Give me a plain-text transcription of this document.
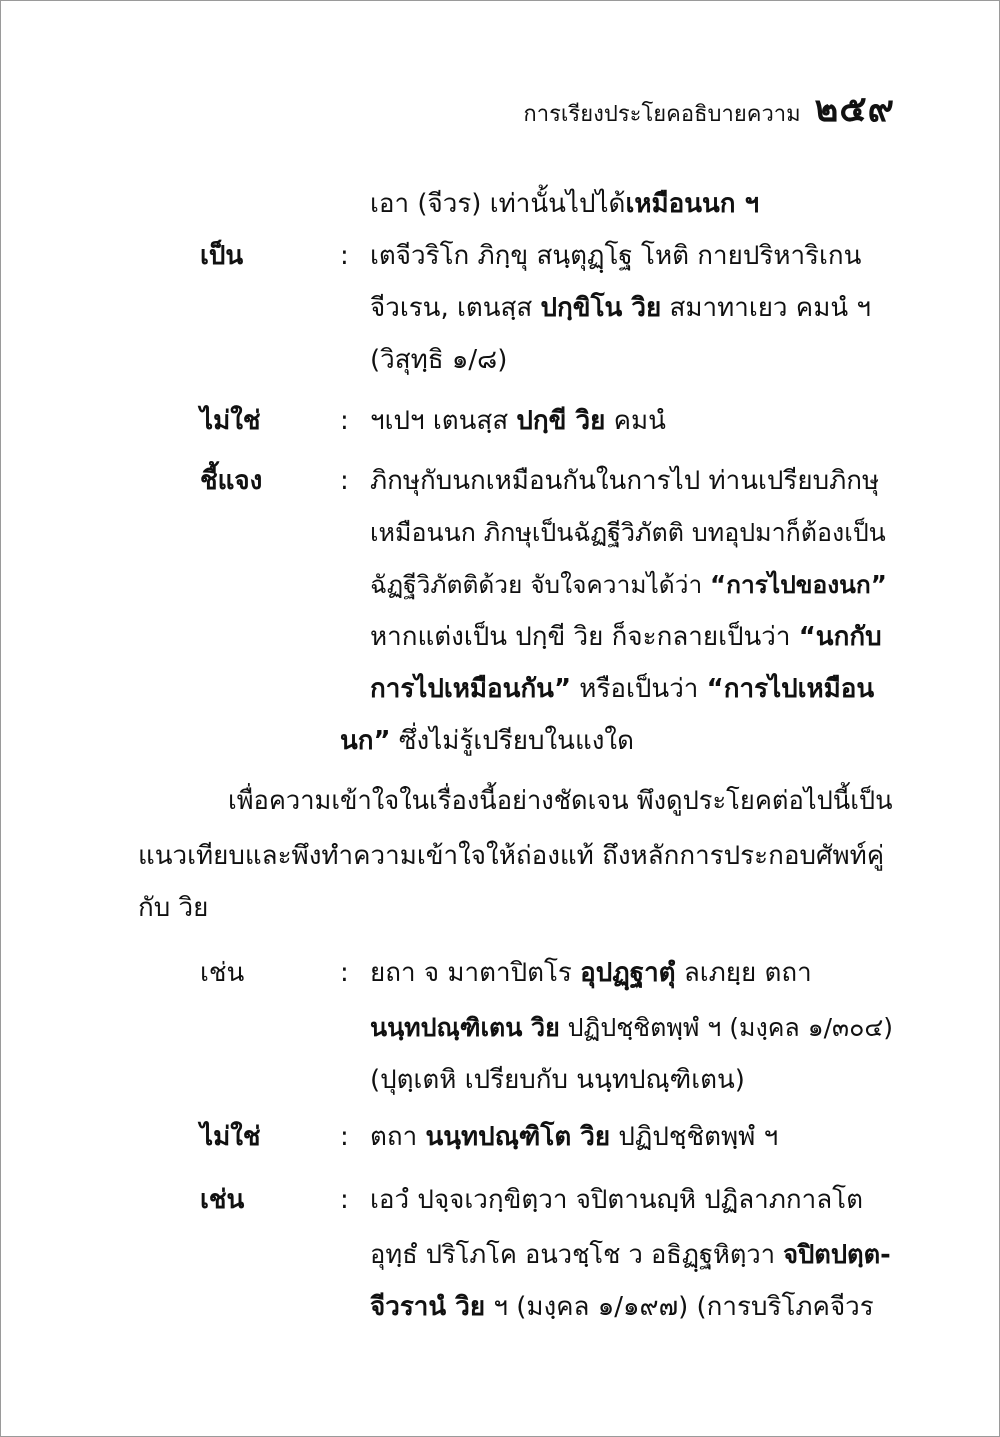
การเรียงประโยคอธิบายความ ๒๕๙
เอา (จีวร) เท่านั้นไปได้เหมือนนก ฯ
เป็น	: เตจีวริโก ภิกฺขุ สนฺตุฏฺโฐ โหติ กายปริหาริเกน
จีวเรน, เตนสฺส ปกฺขิโน วิย สมาทาเยว คมนํ ฯ
(วิสุทฺธิ ๑/๘)
ไม่ใช่	: ฯเปฯ เตนสฺส ปกฺขี วิย คมนํ
ชี้แจง	: ภิกษุกับนกเหมือนกันในการไป ท่านเปรียบภิกษุ
เหมือนนก ภิกษุเป็นฉัฏฐีวิภัตติ บทอุปมาก็ต้องเป็น
ฉัฏฐีวิภัตติด้วย จับใจความได้ว่า “การไปของนก”
หากแต่งเป็น ปกฺขี วิย ก็จะกลายเป็นว่า “นกกับ
การไปเหมือนกัน” หรือเป็นว่า “การไปเหมือน
นก” ซึ่งไม่รู้เปรียบในแงใด
เพื่อความเข้าใจในเรื่องนี้อย่างชัดเจน พึงดูประโยคต่อไปนี้เป็น
แนวเทียบและพึงทำความเข้าใจให้ถ่องแท้ ถึงหลักการประกอบศัพท์คู่
กับ วิย
เช่น	: ยถา จ มาตาปิตโร อุปฏฺฐาตุํ ลเภยฺย ตถา
นนฺทปณฺฑิเตน วิย ปฏิปชฺชิตพฺพํ ฯ (มงฺคล ๑/๓๐๔)
(ปุตฺเตหิ เปรียบกับ นนฺทปณฺฑิเตน)
ไม่ใช่	: ตถา นนฺทปณฺฑิโต วิย ปฏิปชฺชิตพฺพํ ฯ
เช่น	: เอวํ ปจฺจเวกฺขิตฺวา จปิตานญฺหิ ปฏิลาภกาลโต
อุทฺธํ ปริโภโค อนวชฺโช ว อธิฏฺฐหิตฺวา จปิตปตฺต-
จีวรานํ วิย ฯ (มงฺคล ๑/๑๙๗) (การบริโภคจีวร
